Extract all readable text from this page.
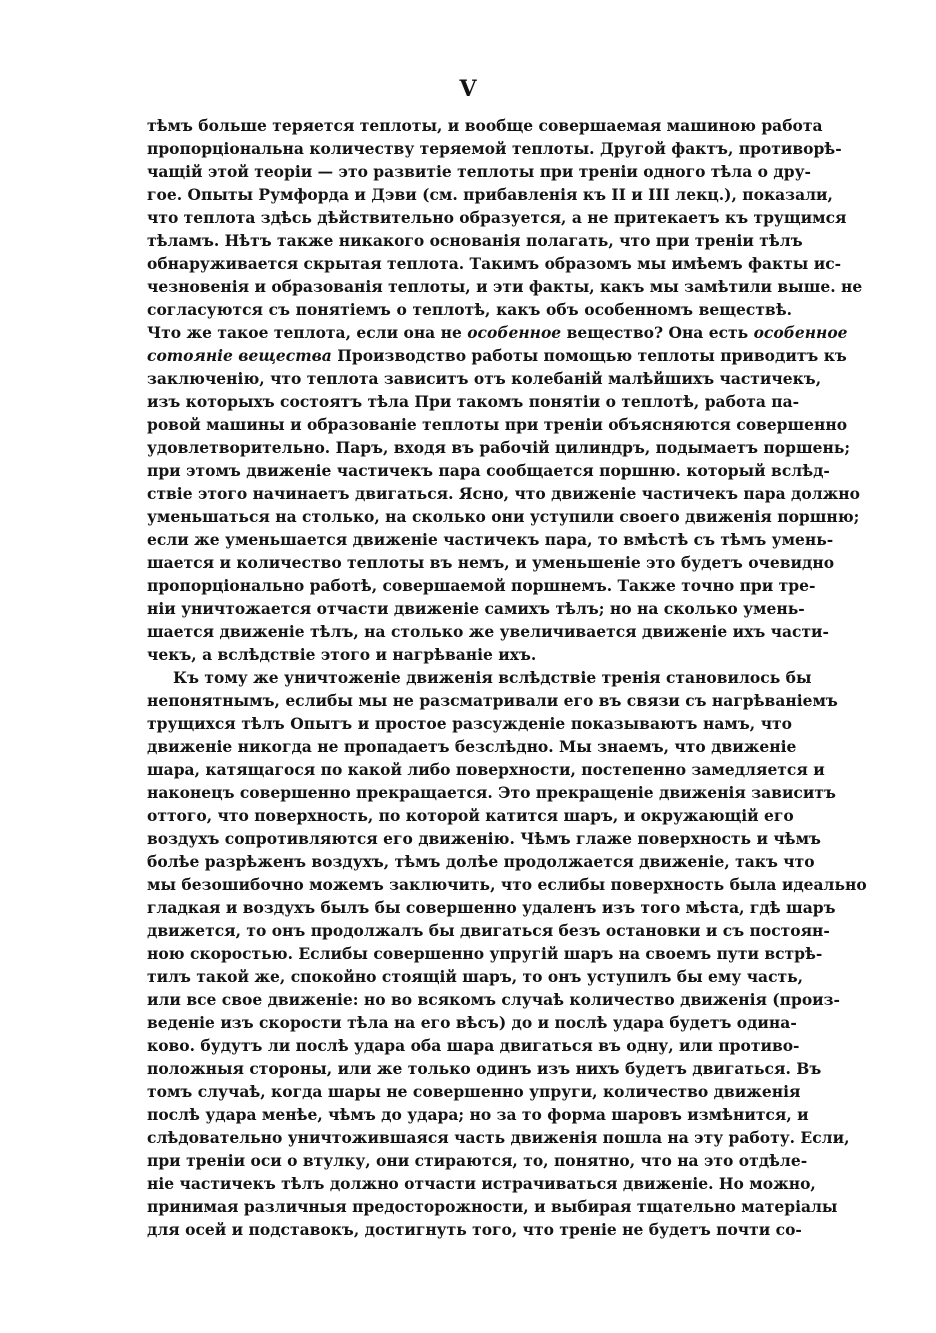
V
тѣмъ больше теряется теплоты, и вообще совершаемая машиною работа
пропорціональна количеству теряемой теплоты. Другой фактъ, противорѣ-
чащій этой теоріи — это развитіе теплоты при треніи одного тѣла о дру-
гое. Опыты Румфорда и Дэви (см. прибавленія къ II и III лекц.), показали,
что теплота здѣсь дѣйствительно образуется, а не притекаетъ къ трущимся
тѣламъ. Нѣтъ также никакого основанія полагать, что при треніи тѣлъ
обнаруживается скрытая теплота. Такимъ образомъ мы имѣемъ факты ис-
чезновенія и образованія теплоты, и эти факты, какъ мы замѣтили выше. не
согласуются съ понятіемъ о теплотѣ, какъ объ особенномъ веществѣ.
Что же такое теплота, если она не особенное вещество? Она есть особенное
сотояніе вещества Производство работы помощью теплоты приводитъ къ
заключенію, что теплота зависитъ отъ колебаній малѣйшихъ частичекъ,
изъ которыхъ состоятъ тѣла При такомъ понятіи о теплотѣ, работа па-
ровой машины и образованіе теплоты при треніи объясняются совершенно
удовлетворительно. Паръ, входя въ рабочій цилиндръ, подымаетъ поршень;
при этомъ движеніе частичекъ пара сообщается поршню. который вслѣд-
ствіе этого начинаетъ двигаться. Ясно, что движеніе частичекъ пара должно
уменьшаться на столько, на сколько они уступили своего движенія поршню;
если же уменьшается движеніе частичекъ пара, то вмѣстѣ съ тѣмъ умень-
шается и количество теплоты въ немъ, и уменьшеніе это будетъ очевидно
пропорціонально работѣ, совершаемой поршнемъ. Также точно при тре-
ніи уничтожается отчасти движеніе самихъ тѣлъ; но на сколько умень-
шается движеніе тѣлъ, на столько же увеличивается движеніе ихъ части-
чекъ, а вслѣдствіе этого и нагрѣваніе ихъ.
Къ тому же уничтоженіе движенія вслѣдствіе тренія становилось бы
непонятнымъ, еслибы мы не разсматривали его въ связи съ нагрѣваніемъ
трущихся тѣлъ Опытъ и простое разсужденіе показываютъ намъ, что
движеніе никогда не пропадаетъ безслѣдно. Мы знаемъ, что движеніе
шара, катящагося по какой либо поверхности, постепенно замедляется и
наконецъ совершенно прекращается. Это прекращеніе движенія зависитъ
оттого, что поверхность, по которой катится шаръ, и окружающій его
воздухъ сопротивляются его движенію. Чѣмъ глаже поверхность и чѣмъ
болѣе разрѣженъ воздухъ, тѣмъ долѣе продолжается движеніе, такъ что
мы безошибочно можемъ заключить, что еслибы поверхность была идеально
гладкая и воздухъ былъ бы совершенно удаленъ изъ того мѣста, гдѣ шаръ
движется, то онъ продолжалъ бы двигаться безъ остановки и съ постоян-
ною скоростью. Еслибы совершенно упругій шаръ на своемъ пути встрѣ-
тилъ такой же, спокойно стоящій шаръ, то онъ уступилъ бы ему часть,
или все свое движеніе: но во всякомъ случаѣ количество движенія (произ-
веденіе изъ скорости тѣла на его вѣсъ) до и послѣ удара будетъ одина-
ково. будутъ ли послѣ удара оба шара двигаться въ одну, или противо-
положныя стороны, или же только одинъ изъ нихъ будетъ двигаться. Въ
томъ случаѣ, когда шары не совершенно упруги, количество движенія
послѣ удара менѣе, чѣмъ до удара; но за то форма шаровъ измѣнится, и
слѣдовательно уничтожившаяся часть движенія пошла на эту работу. Если,
при треніи оси о втулку, они стираются, то, понятно, что на это отдѣле-
ніе частичекъ тѣлъ должно отчасти истрачиваться движеніе. Но можно,
принимая различныя предосторожности, и выбирая тщательно матеріалы
для осей и подставокъ, достигнуть того, что треніе не будетъ почти со-
